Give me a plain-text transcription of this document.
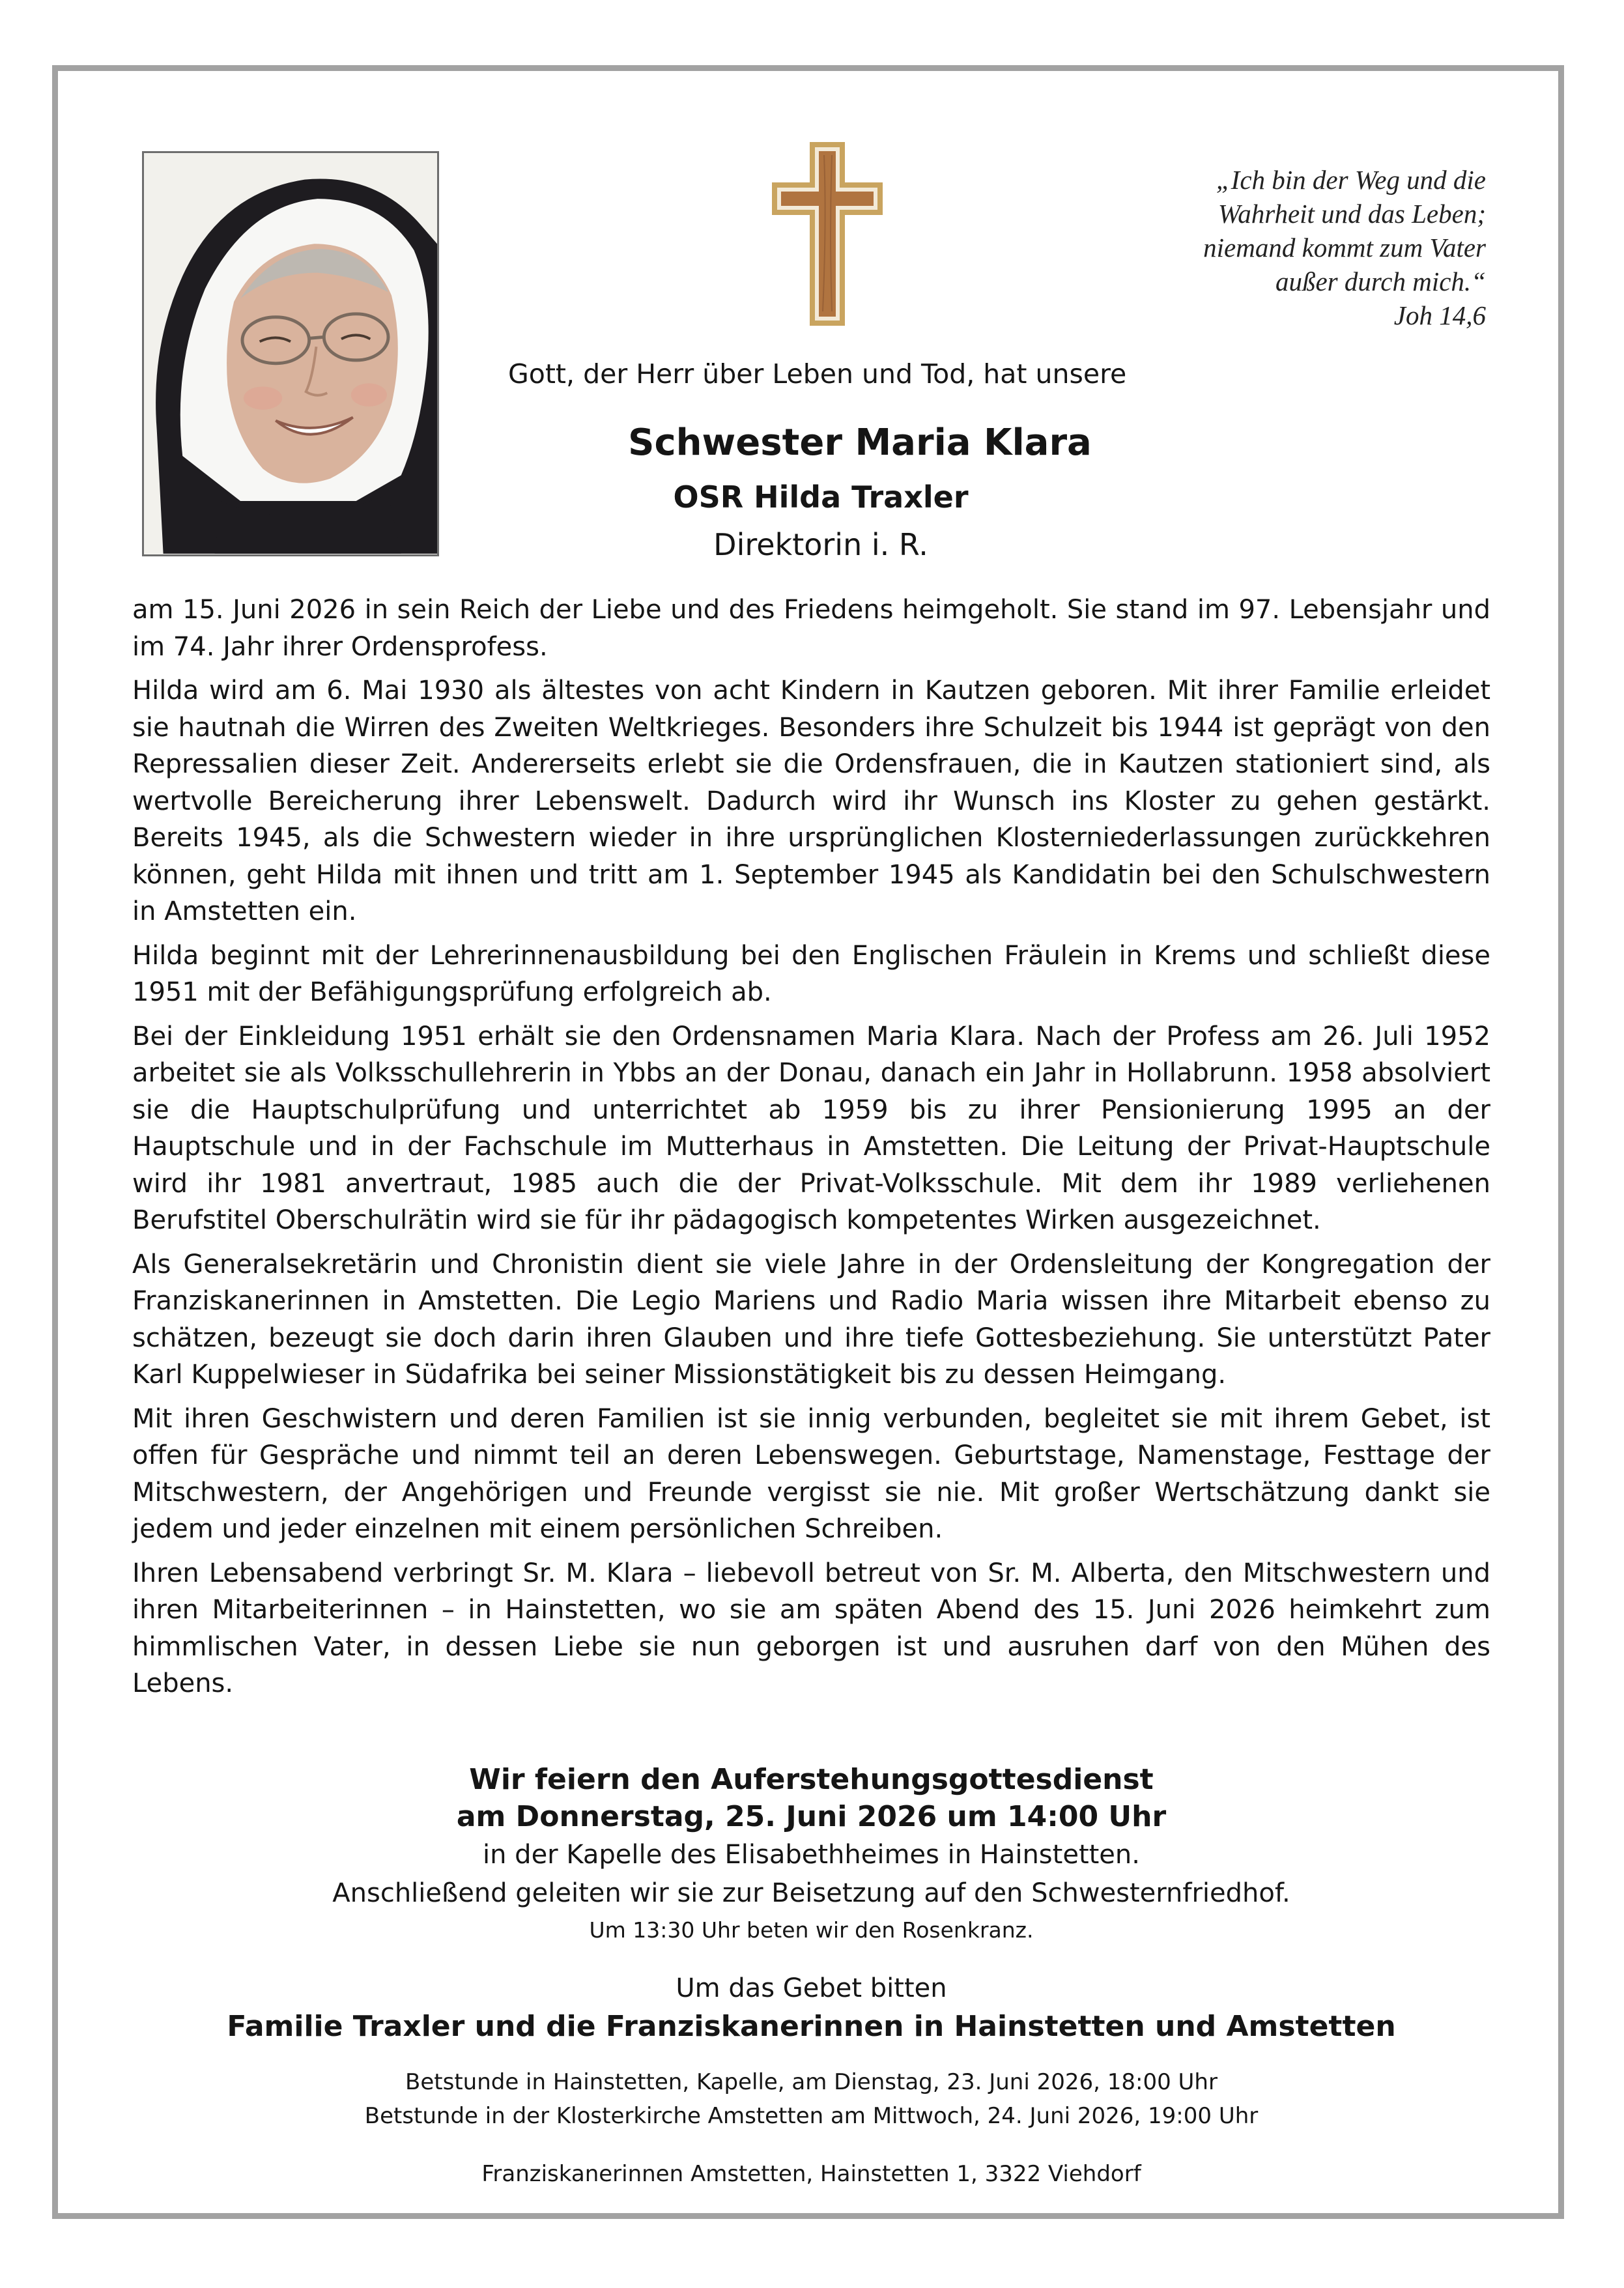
„Ich bin der Weg und die
Wahrheit und das Leben;
niemand kommt zum Vater
außer durch mich.“
Joh 14,6
Gott, der Herr über Leben und Tod, hat unsere
Schwester Maria Klara
OSR Hilda Traxler
Direktorin i. R.

am 15. Juni 2026 in sein Reich der Liebe und des Friedens heimgeholt. Sie stand im 97. Lebensjahr und im 74. Jahr ihrer Ordensprofess.

Hilda wird am 6. Mai 1930 als ältestes von acht Kindern in Kautzen geboren. Mit ihrer Familie erleidet sie hautnah die Wirren des Zweiten Weltkrieges. Besonders ihre Schulzeit bis 1944 ist geprägt von den Repressalien dieser Zeit. Andererseits erlebt sie die Ordensfrauen, die in Kautzen stationiert sind, als wertvolle Bereicherung ihrer Lebenswelt. Dadurch wird ihr Wunsch ins Kloster zu gehen gestärkt. Bereits 1945, als die Schwestern wieder in ihre ursprünglichen Klosterniederlassungen zurückkehren können, geht Hilda mit ihnen und tritt am 1. September 1945 als Kandidatin bei den Schulschwestern in Amstetten ein.

Hilda beginnt mit der Lehrerinnenausbildung bei den Englischen Fräulein in Krems und schließt diese 1951 mit der Befähigungsprüfung erfolgreich ab.

Bei der Einkleidung 1951 erhält sie den Ordensnamen Maria Klara. Nach der Profess am 26. Juli 1952 arbeitet sie als Volksschullehrerin in Ybbs an der Donau, danach ein Jahr in Hollabrunn. 1958 absolviert sie die Hauptschulprüfung und unterrichtet ab 1959 bis zu ihrer Pensionierung 1995 an der Hauptschule und in der Fachschule im Mutterhaus in Amstetten. Die Leitung der Privat-Hauptschule wird ihr 1981 anvertraut, 1985 auch die der Privat-Volksschule. Mit dem ihr 1989 verliehenen Berufstitel Oberschulrätin wird sie für ihr pädagogisch kompetentes Wirken ausgezeichnet.

Als Generalsekretärin und Chronistin dient sie viele Jahre in der Ordensleitung der Kongregation der Franziskanerinnen in Amstetten. Die Legio Mariens und Radio Maria wissen ihre Mitarbeit ebenso zu schätzen, bezeugt sie doch darin ihren Glauben und ihre tiefe Gottesbeziehung. Sie unterstützt Pater Karl Kuppelwieser in Südafrika bei seiner Missionstätigkeit bis zu dessen Heimgang.

Mit ihren Geschwistern und deren Familien ist sie innig verbunden, begleitet sie mit ihrem Gebet, ist offen für Gespräche und nimmt teil an deren Lebenswegen. Geburtstage, Namenstage, Festtage der Mitschwestern, der Angehörigen und Freunde vergisst sie nie. Mit großer Wertschätzung dankt sie jedem und jeder einzelnen mit einem persönlichen Schreiben.

Ihren Lebensabend verbringt Sr. M. Klara – liebevoll betreut von Sr. M. Alberta, den Mitschwestern und ihren Mitarbeiterinnen – in Hainstetten, wo sie am späten Abend des 15. Juni 2026 heimkehrt zum himmlischen Vater, in dessen Liebe sie nun geborgen ist und ausruhen darf von den Mühen des Lebens.

Wir feiern den Auferstehungsgottesdienst
am Donnerstag, 25. Juni 2026 um 14:00 Uhr
in der Kapelle des Elisabethheimes in Hainstetten.
Anschließend geleiten wir sie zur Beisetzung auf den Schwesternfriedhof.
Um 13:30 Uhr beten wir den Rosenkranz.
Um das Gebet bitten
Familie Traxler und die Franziskanerinnen in Hainstetten und Amstetten
Betstunde in Hainstetten, Kapelle, am Dienstag, 23. Juni 2026, 18:00 Uhr
Betstunde in der Klosterkirche Amstetten am Mittwoch, 24. Juni 2026, 19:00 Uhr
Franziskanerinnen Amstetten, Hainstetten 1, 3322 Viehdorf
